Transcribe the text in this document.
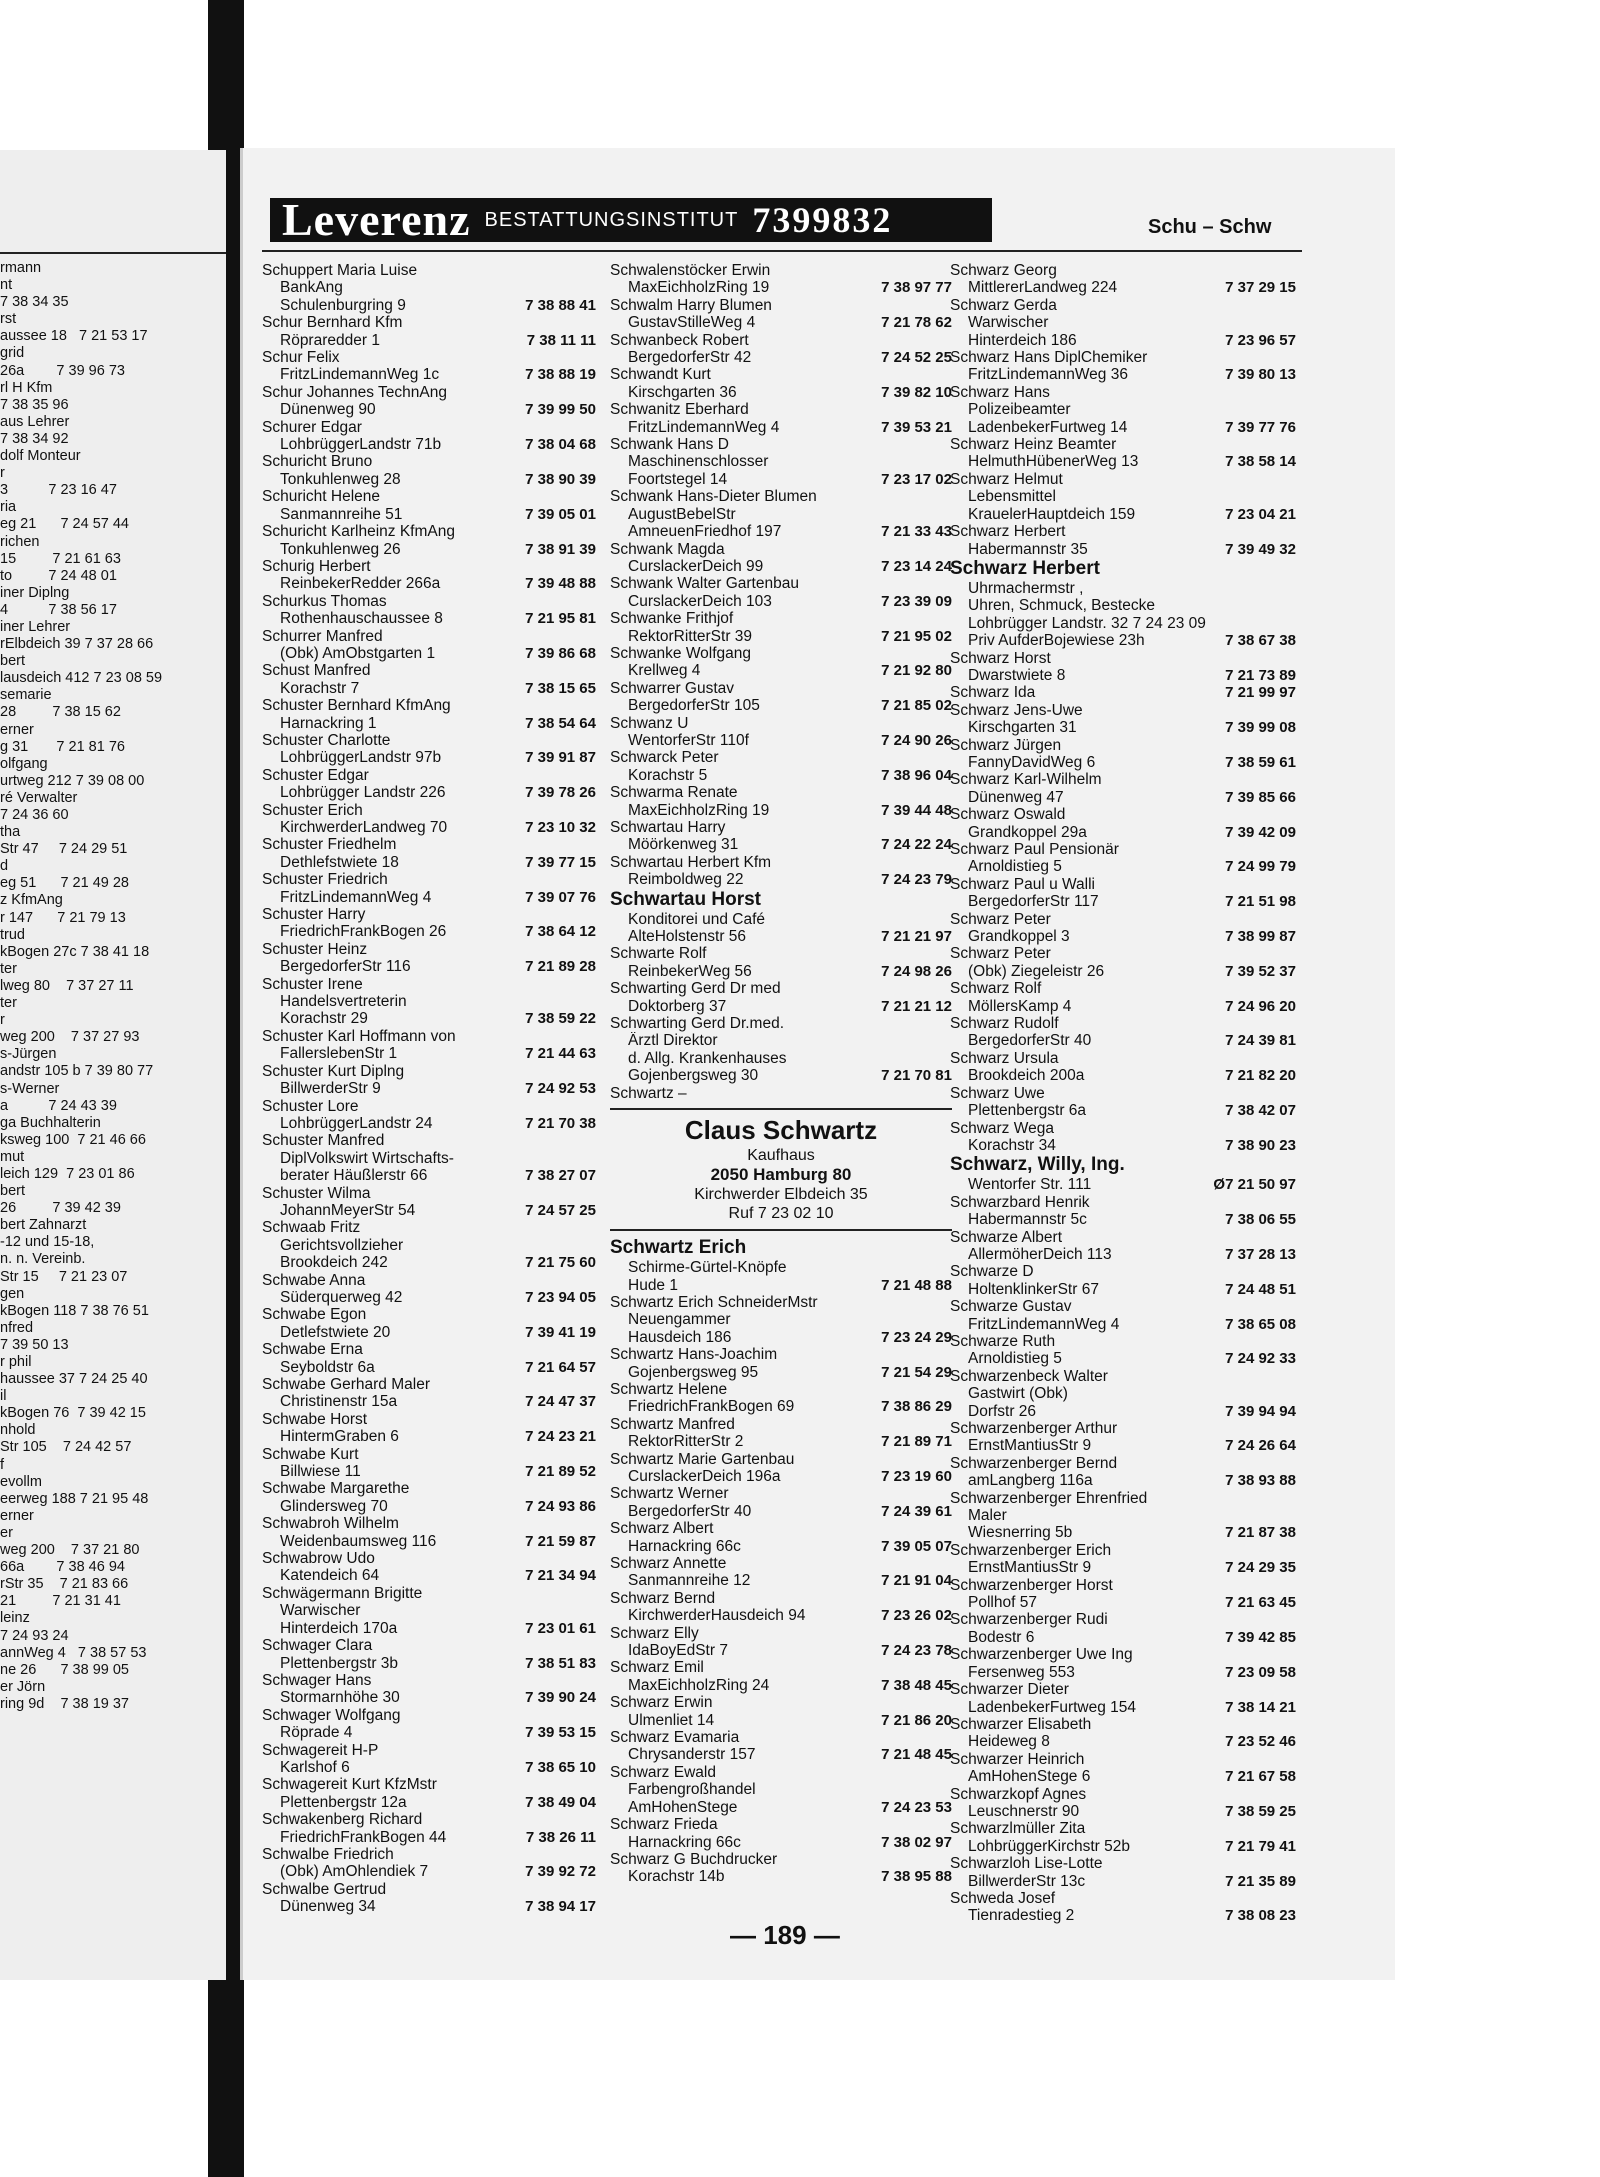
rmann
nt
7 38 34 35
rst
aussee 18   7 21 53 17
grid
26a        7 39 96 73
rl H Kfm
7 38 35 96
aus Lehrer
7 38 34 92
dolf Monteur
r
3          7 23 16 47
ria
eg 21      7 24 57 44
richen
15         7 21 61 63
to         7 24 48 01
iner Diplng
4          7 38 56 17
iner Lehrer
rElbdeich 39 7 37 28 66
bert
lausdeich 412 7 23 08 59
semarie
28         7 38 15 62
erner
g 31       7 21 81 76
olfgang
urtweg 212 7 39 08 00
ré Verwalter
7 24 36 60
tha
Str 47     7 24 29 51
d
eg 51      7 21 49 28
z KfmAng
r 147      7 21 79 13
trud
kBogen 27c 7 38 41 18
ter
lweg 80    7 37 27 11
ter
r
weg 200    7 37 27 93
s-Jürgen
andstr 105 b 7 39 80 77
s-Werner
a          7 24 43 39
ga Buchhalterin
ksweg 100  7 21 46 66
mut
leich 129  7 23 01 86
bert
26         7 39 42 39
bert Zahnarzt
-12 und 15-18,
n. n. Vereinb.
Str 15     7 21 23 07
gen
kBogen 118 7 38 76 51
nfred
7 39 50 13
r phil
haussee 37 7 24 25 40
il
kBogen 76  7 39 42 15
nhold
Str 105    7 24 42 57
f
evollm
eerweg 188 7 21 95 48
erner
er
weg 200    7 37 21 80
66a        7 38 46 94
rStr 35    7 21 83 66
21         7 21 31 41
leinz
7 24 93 24
annWeg 4   7 38 57 53
ne 26      7 38 99 05
er Jörn
ring 9d    7 38 19 37
Leverenz BESTATTUNGSINSTITUT 7399832	Schu – Schw
Schuppert Maria Luise
BankAng
Schulenburgring 9	7 38 88 41
Schur Bernhard Kfm
Röpraredder 1	7 38 11 11
Schur Felix
FritzLindemannWeg 1c	7 38 88 19
Schur Johannes TechnAng
Dünenweg 90	7 39 99 50
Schurer Edgar
LohbrüggerLandstr 71b	7 38 04 68
Schuricht Bruno
Tonkuhlenweg 28	7 38 90 39
Schuricht Helene
Sanmannreihe 51	7 39 05 01
Schuricht Karlheinz KfmAng
Tonkuhlenweg 26	7 38 91 39
Schurig Herbert
ReinbekerRedder 266a	7 39 48 88
Schurkus Thomas
Rothenhauschaussee 8	7 21 95 81
Schurrer Manfred
(Obk) AmObstgarten 1	7 39 86 68
Schust Manfred
Korachstr 7	7 38 15 65
Schuster Bernhard KfmAng
Harnackring 1	7 38 54 64
Schuster Charlotte
LohbrüggerLandstr 97b	7 39 91 87
Schuster Edgar
Lohbrügger Landstr 226	7 39 78 26
Schuster Erich
KirchwerderLandweg 70	7 23 10 32
Schuster Friedhelm
Dethlefstwiete 18	7 39 77 15
Schuster Friedrich
FritzLindemannWeg 4	7 39 07 76
Schuster Harry
FriedrichFrankBogen 26	7 38 64 12
Schuster Heinz
BergedorferStr 116	7 21 89 28
Schuster Irene
Handelsvertreterin
Korachstr 29	7 38 59 22
Schuster Karl Hoffmann von
FallerslebenStr 1	7 21 44 63
Schuster Kurt Diplng
BillwerderStr 9	7 24 92 53
Schuster Lore
LohbrüggerLandstr 24	7 21 70 38
Schuster Manfred
DiplVolkswirt Wirtschafts-
berater Häußlerstr 66	7 38 27 07
Schuster Wilma
JohannMeyerStr 54	7 24 57 25
Schwaab Fritz
Gerichtsvollzieher
Brookdeich 242	7 21 75 60
Schwabe Anna
Süderquerweg 42	7 23 94 05
Schwabe Egon
Detlefstwiete 20	7 39 41 19
Schwabe Erna
Seyboldstr 6a	7 21 64 57
Schwabe Gerhard Maler
Christinenstr 15a	7 24 47 37
Schwabe Horst
HintermGraben 6	7 24 23 21
Schwabe Kurt
Billwiese 11	7 21 89 52
Schwabe Margarethe
Glindersweg 70	7 24 93 86
Schwabroh Wilhelm
Weidenbaumsweg 116	7 21 59 87
Schwabrow Udo
Katendeich 64	7 21 34 94
Schwägermann Brigitte
Warwischer
Hinterdeich 170a	7 23 01 61
Schwager Clara
Plettenbergstr 3b	7 38 51 83
Schwager Hans
Stormarnhöhe 30	7 39 90 24
Schwager Wolfgang
Röprade 4	7 39 53 15
Schwagereit H-P
Karlshof 6	7 38 65 10
Schwagereit Kurt KfzMstr
Plettenbergstr 12a	7 38 49 04
Schwakenberg Richard
FriedrichFrankBogen 44	7 38 26 11
Schwalbe Friedrich
(Obk) AmOhlendiek 7	7 39 92 72
Schwalbe Gertrud
Dünenweg 34	7 38 94 17
Schwalenstöcker Erwin
MaxEichholzRing 19	7 38 97 77
Schwalm Harry Blumen
GustavStilleWeg 4	7 21 78 62
Schwanbeck Robert
BergedorferStr 42	7 24 52 25
Schwandt Kurt
Kirschgarten 36	7 39 82 10
Schwanitz Eberhard
FritzLindemannWeg 4	7 39 53 21
Schwank Hans D
Maschinenschlosser
Foortstegel 14	7 23 17 02
Schwank Hans-Dieter Blumen
AugustBebelStr
AmneuenFriedhof 197	7 21 33 43
Schwank Magda
CurslackerDeich 99	7 23 14 24
Schwank Walter Gartenbau
CurslackerDeich 103	7 23 39 09
Schwanke Frithjof
RektorRitterStr 39	7 21 95 02
Schwanke Wolfgang
Krellweg 4	7 21 92 80
Schwarrer Gustav
BergedorferStr 105	7 21 85 02
Schwanz U
WentorferStr 110f	7 24 90 26
Schwarck Peter
Korachstr 5	7 38 96 04
Schwarma Renate
MaxEichholzRing 19	7 39 44 48
Schwartau Harry
Möörkenweg 31	7 24 22 24
Schwartau Herbert Kfm
Reimboldweg 22	7 24 23 79
Schwartau Horst
Konditorei und Café
AlteHolstenstr 56	7 21 21 97
Schwarte Rolf
ReinbekerWeg 56	7 24 98 26
Schwarting Gerd Dr med
Doktorberg 37	7 21 21 12
Schwarting Gerd Dr.med.
Ärztl Direktor
d. Allg. Krankenhauses
Gojenbergsweg 30	7 21 70 81
Schwartz –
Claus Schwartz
Kaufhaus
2050 Hamburg 80
Kirchwerder Elbdeich 35
Ruf 7 23 02 10
Schwartz Erich
Schirme-Gürtel-Knöpfe
Hude 1	7 21 48 88
Schwartz Erich SchneiderMstr
Neuengammer
Hausdeich 186	7 23 24 29
Schwartz Hans-Joachim
Gojenbergsweg 95	7 21 54 29
Schwartz Helene
FriedrichFrankBogen 69	7 38 86 29
Schwartz Manfred
RektorRitterStr 2	7 21 89 71
Schwartz Marie Gartenbau
CurslackerDeich 196a	7 23 19 60
Schwartz Werner
BergedorferStr 40	7 24 39 61
Schwarz Albert
Harnackring 66c	7 39 05 07
Schwarz Annette
Sanmannreihe 12	7 21 91 04
Schwarz Bernd
KirchwerderHausdeich 94	7 23 26 02
Schwarz Elly
IdaBoyEdStr 7	7 24 23 78
Schwarz Emil
MaxEichholzRing 24	7 38 48 45
Schwarz Erwin
Ulmenliet 14	7 21 86 20
Schwarz Evamaria
Chrysanderstr 157	7 21 48 45
Schwarz Ewald
Farbengroßhandel
AmHohenStege	7 24 23 53
Schwarz Frieda
Harnackring 66c	7 38 02 97
Schwarz G Buchdrucker
Korachstr 14b	7 38 95 88
Schwarz Georg
MittlererLandweg 224	7 37 29 15
Schwarz Gerda
Warwischer
Hinterdeich 186	7 23 96 57
Schwarz Hans DiplChemiker
FritzLindemannWeg 36	7 39 80 13
Schwarz Hans
Polizeibeamter
LadenbekerFurtweg 14	7 39 77 76
Schwarz Heinz Beamter
HelmuthHübenerWeg 13	7 38 58 14
Schwarz Helmut
Lebensmittel
KrauelerHauptdeich 159	7 23 04 21
Schwarz Herbert
Habermannstr 35	7 39 49 32
Schwarz Herbert
Uhrmachermstr ,
Uhren, Schmuck, Bestecke
Lohbrügger Landstr. 32 7 24 23 09
Priv AufderBojewiese 23h	7 38 67 38
Schwarz Horst
Dwarstwiete 8	7 21 73 89
Schwarz Ida	7 21 99 97
Schwarz Jens-Uwe
Kirschgarten 31	7 39 99 08
Schwarz Jürgen
FannyDavidWeg 6	7 38 59 61
Schwarz Karl-Wilhelm
Dünenweg 47	7 39 85 66
Schwarz Oswald
Grandkoppel 29a	7 39 42 09
Schwarz Paul Pensionär
Arnoldistieg 5	7 24 99 79
Schwarz Paul u Walli
BergedorferStr 117	7 21 51 98
Schwarz Peter
Grandkoppel 3	7 38 99 87
Schwarz Peter
(Obk) Ziegeleistr 26	7 39 52 37
Schwarz Rolf
MöllersKamp 4	7 24 96 20
Schwarz Rudolf
BergedorferStr 40	7 24 39 81
Schwarz Ursula
Brookdeich 200a	7 21 82 20
Schwarz Uwe
Plettenbergstr 6a	7 38 42 07
Schwarz Wega
Korachstr 34	7 38 90 23
Schwarz, Willy, Ing.
Wentorfer Str. 111	Ø7 21 50 97
Schwarzbard Henrik
Habermannstr 5c	7 38 06 55
Schwarze Albert
AllermöherDeich 113	7 37 28 13
Schwarze D
HoltenklinkerStr 67	7 24 48 51
Schwarze Gustav
FritzLindemannWeg 4	7 38 65 08
Schwarze Ruth
Arnoldistieg 5	7 24 92 33
Schwarzenbeck Walter
Gastwirt (Obk)
Dorfstr 26	7 39 94 94
Schwarzenberger Arthur
ErnstMantiusStr 9	7 24 26 64
Schwarzenberger Bernd
amLangberg 116a	7 38 93 88
Schwarzenberger Ehrenfried
Maler
Wiesnerring 5b	7 21 87 38
Schwarzenberger Erich
ErnstMantiusStr 9	7 24 29 35
Schwarzenberger Horst
Pollhof 57	7 21 63 45
Schwarzenberger Rudi
Bodestr 6	7 39 42 85
Schwarzenberger Uwe Ing
Fersenweg 553	7 23 09 58
Schwarzer Dieter
LadenbekerFurtweg 154	7 38 14 21
Schwarzer Elisabeth
Heideweg 8	7 23 52 46
Schwarzer Heinrich
AmHohenStege 6	7 21 67 58
Schwarzkopf Agnes
Leuschnerstr 90	7 38 59 25
Schwarzlmüller Zita
LohbrüggerKirchstr 52b	7 21 79 41
Schwarzloh Lise-Lotte
BillwerderStr 13c	7 21 35 89
Schweda Josef
Tienradestieg 2	7 38 08 23
— 189 —
